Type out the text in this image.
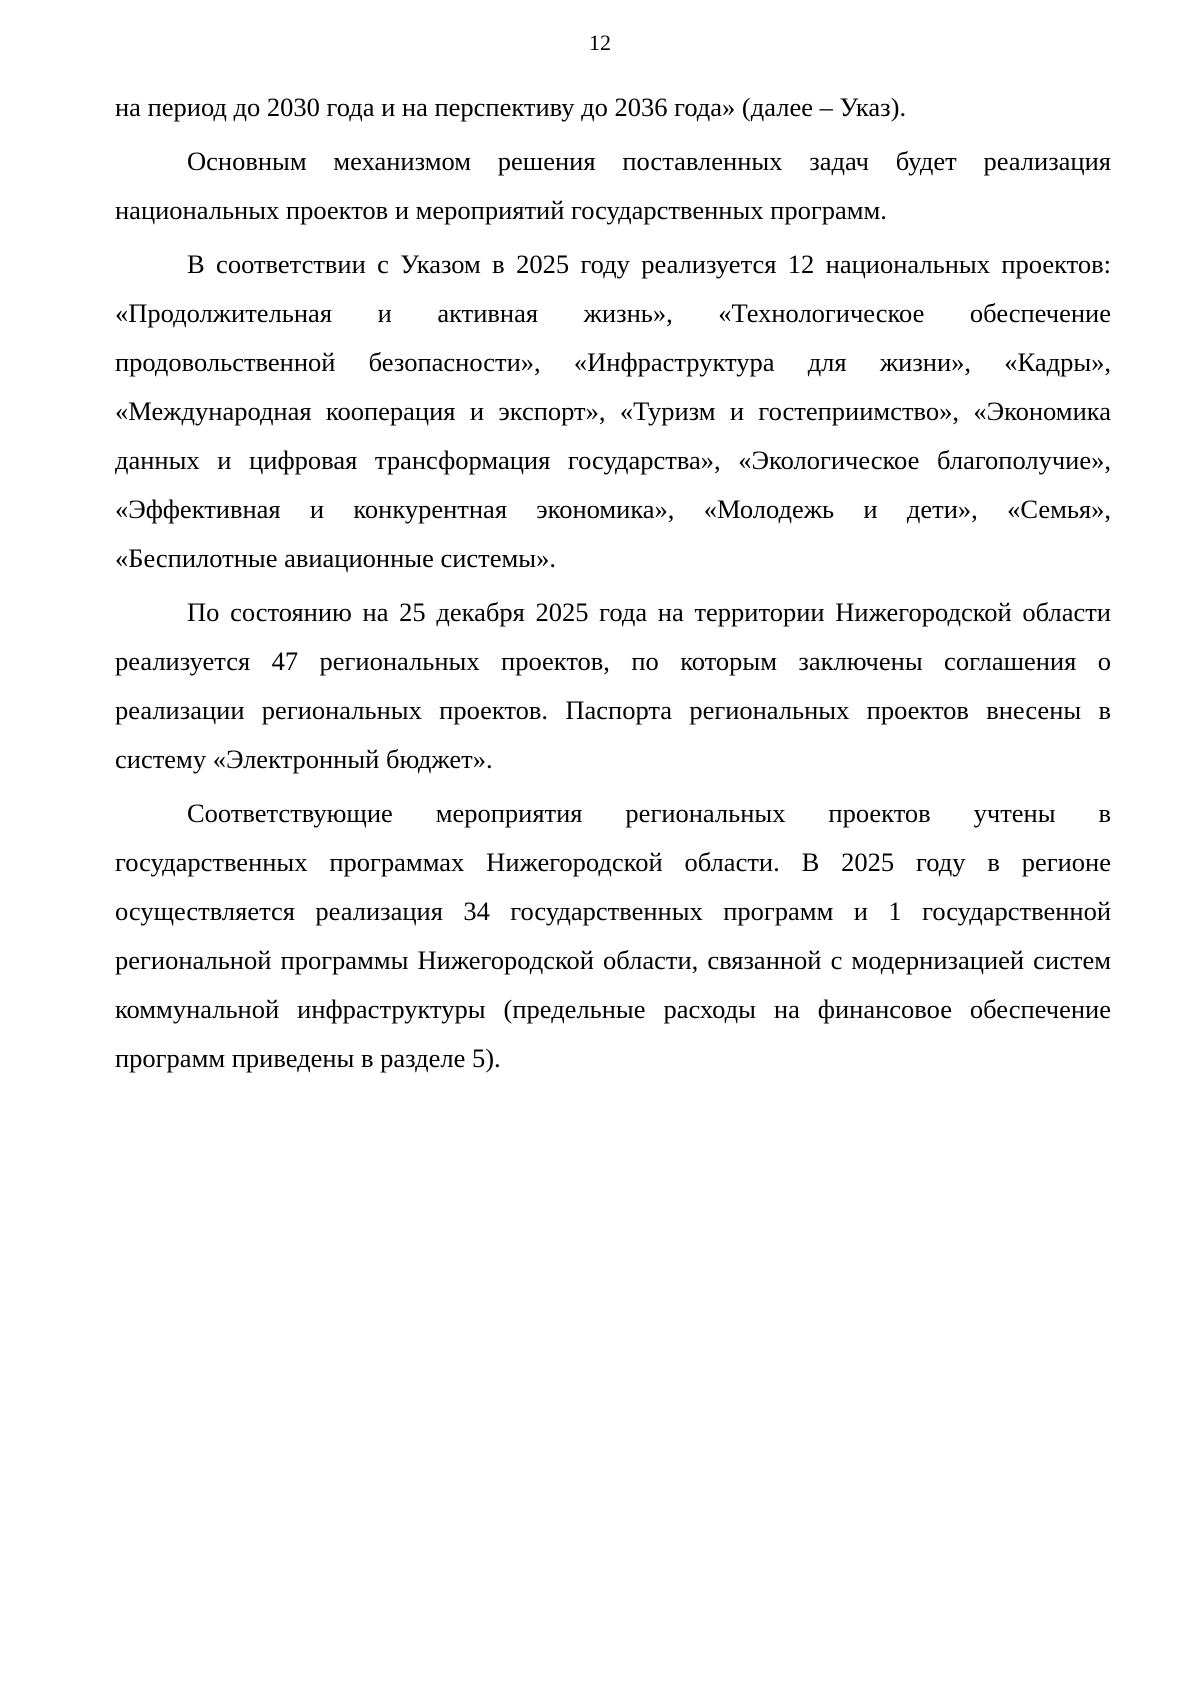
12

на период до 2030 года и на перспективу до 2036 года» (далее – Указ).

Основным механизмом решения поставленных задач будет реализация национальных проектов и мероприятий государственных программ.

В соответствии с Указом в 2025 году реализуется 12 национальных проектов: «Продолжительная и активная жизнь», «Технологическое обеспечение продовольственной безопасности», «Инфраструктура для жизни», «Кадры», «Международная кооперация и экспорт», «Туризм и гостеприимство», «Экономика данных и цифровая трансформация государства», «Экологическое благополучие», «Эффективная и конкурентная экономика», «Молодежь и дети», «Семья», «Беспилотные авиационные системы».

По состоянию на 25 декабря 2025 года на территории Нижегородской области реализуется 47 региональных проектов, по которым заключены соглашения о реализации региональных проектов. Паспорта региональных проектов внесены в систему «Электронный бюджет».

Соответствующие мероприятия региональных проектов учтены в государственных программах Нижегородской области. В 2025 году в регионе осуществляется реализация 34 государственных программ и 1 государственной региональной программы Нижегородской области, связанной с модернизацией систем коммунальной инфраструктуры (предельные расходы на финансовое обеспечение программ приведены в разделе 5).
